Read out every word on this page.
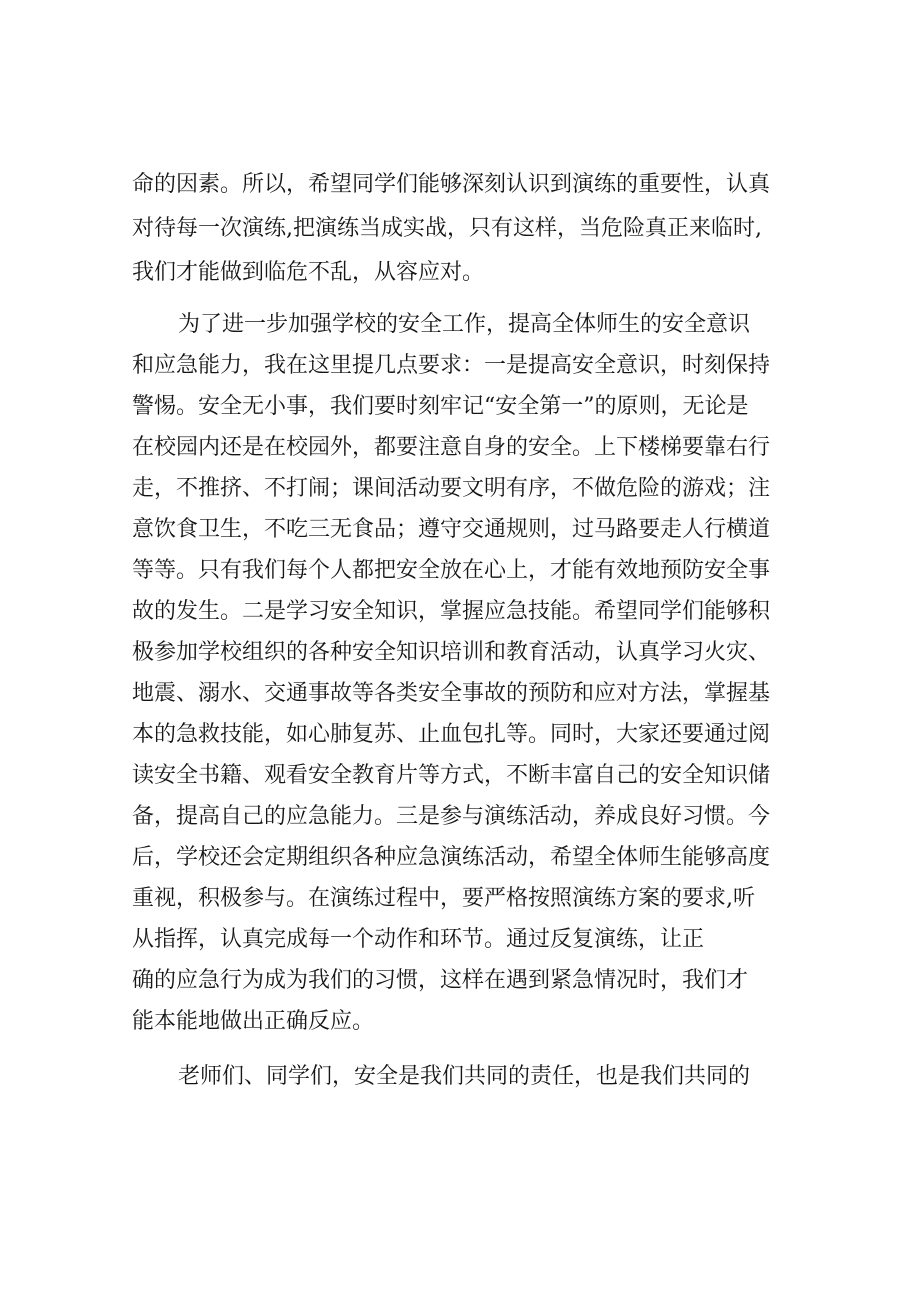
命的因素。所以，希望同学们能够深刻认识到演练的重要性，认真

对待每一次演练,把演练当成实战，只有这样，当危险真正来临时,

我们才能做到临危不乱，从容应对。

为了进一步加强学校的安全工作，提高全体师生的安全意识

和应急能力，我在这里提几点要求：一是提高安全意识，时刻保持

警惕。安全无小事，我们要时刻牢记“安全第一”的原则，无论是

在校园内还是在校园外，都要注意自身的安全。上下楼梯要靠右行

走，不推挤、不打闹；课间活动要文明有序，不做危险的游戏；注

意饮食卫生，不吃三无食品；遵守交通规则，过马路要走人行横道

等等。只有我们每个人都把安全放在心上，才能有效地预防安全事

故的发生。二是学习安全知识，掌握应急技能。希望同学们能够积

极参加学校组织的各种安全知识培训和教育活动，认真学习火灾、

地震、溺水、交通事故等各类安全事故的预防和应对方法，掌握基

本的急救技能，如心肺复苏、止血包扎等。同时，大家还要通过阅

读安全书籍、观看安全教育片等方式，不断丰富自己的安全知识储

备，提高自己的应急能力。三是参与演练活动，养成良好习惯。今

后，学校还会定期组织各种应急演练活动，希望全体师生能够高度

重视，积极参与。在演练过程中，要严格按照演练方案的要求,听

从指挥，认真完成每一个动作和环节。通过反复演练，让正

确的应急行为成为我们的习惯，这样在遇到紧急情况时，我们才

能本能地做出正确反应。

老师们、同学们，安全是我们共同的责任，也是我们共同的
